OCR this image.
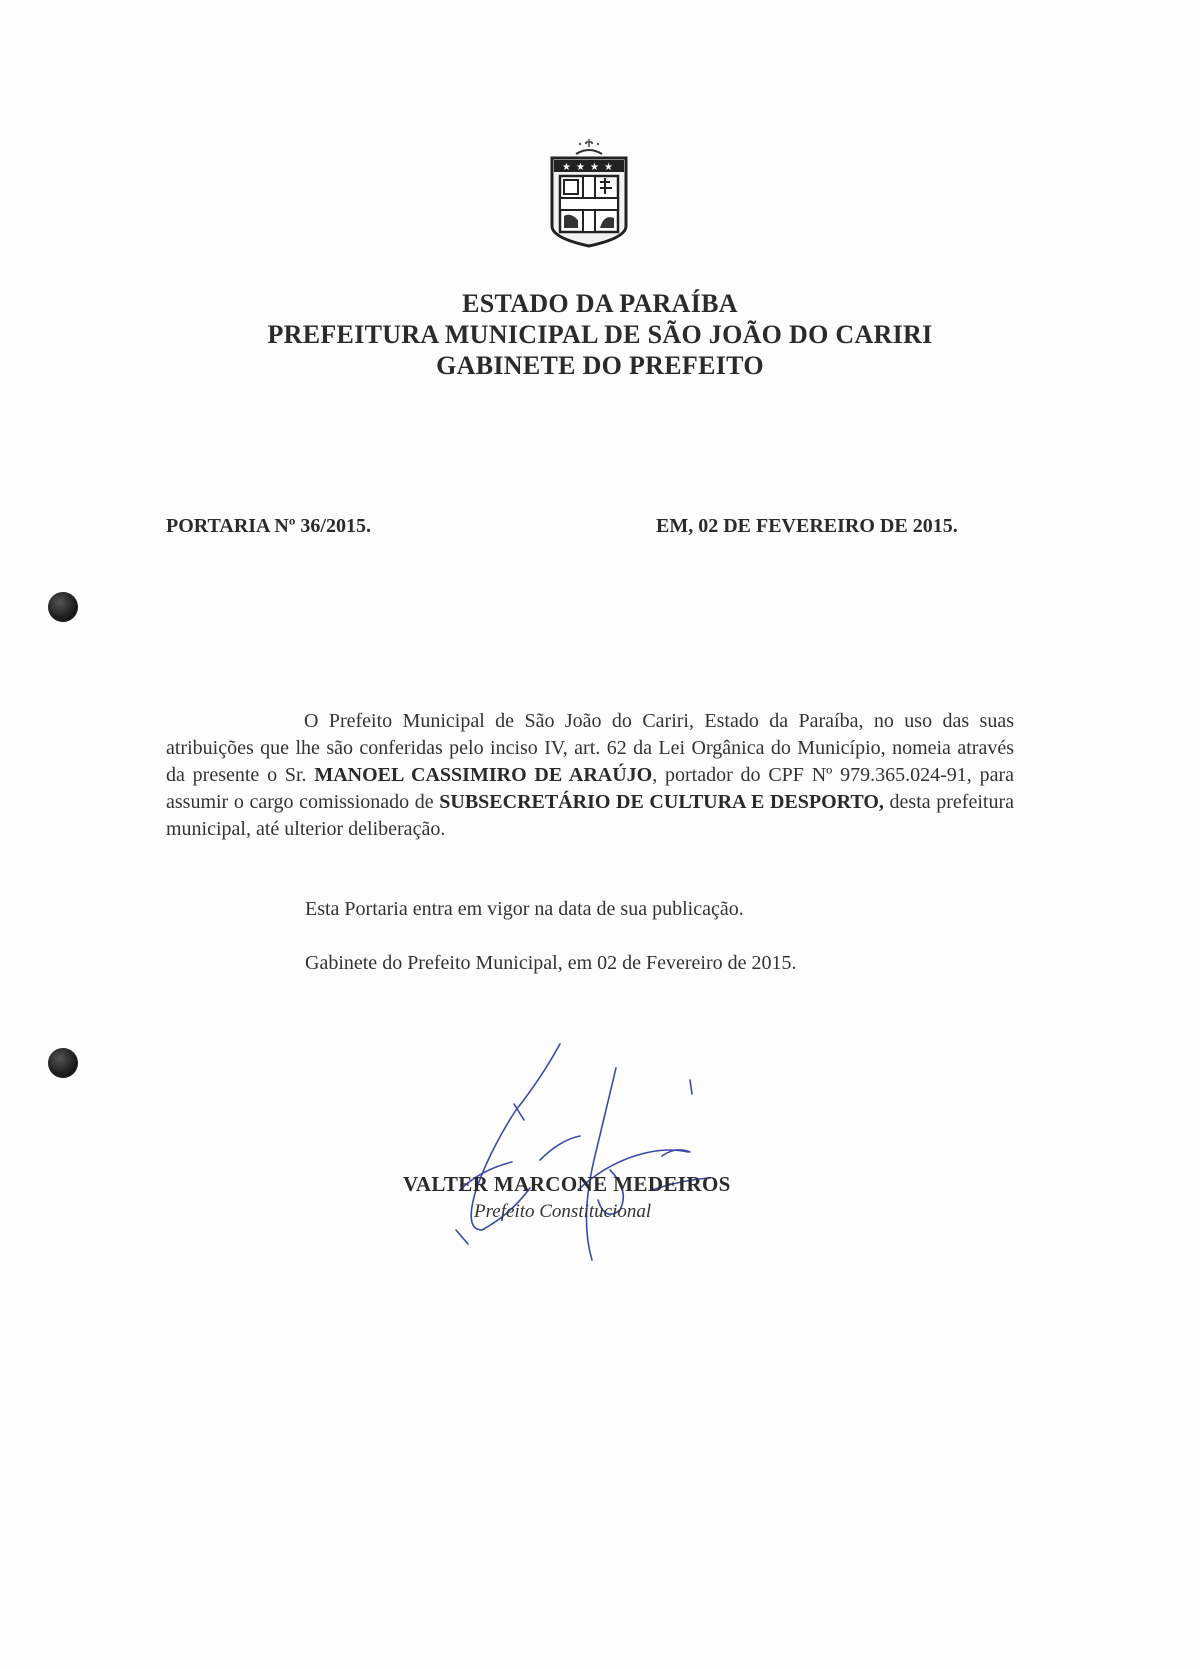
★ ★ ★ ★
ESTADO DA PARAÍBA
PREFEITURA MUNICIPAL DE SÃO JOÃO DO CARIRI
GABINETE DO PREFEITO
PORTARIA Nº 36/2015.	EM, 02 DE FEVEREIRO DE 2015.
O Prefeito Municipal de São João do Cariri, Estado da Paraíba, no uso das suas atribuições que lhe são conferidas pelo inciso IV, art. 62 da Lei Orgânica do Município, nomeia através da presente o Sr. MANOEL CASSIMIRO DE ARAÚJO, portador do CPF Nº 979.365.024-91, para assumir o cargo comissionado de SUBSECRETÁRIO DE CULTURA E DESPORTO, desta prefeitura municipal, até ulterior deliberação.
Esta Portaria entra em vigor na data de sua publicação.
Gabinete do Prefeito Municipal, em 02 de Fevereiro de 2015.
VALTER MARCONE MEDEIROS
Prefeito Constitucional
